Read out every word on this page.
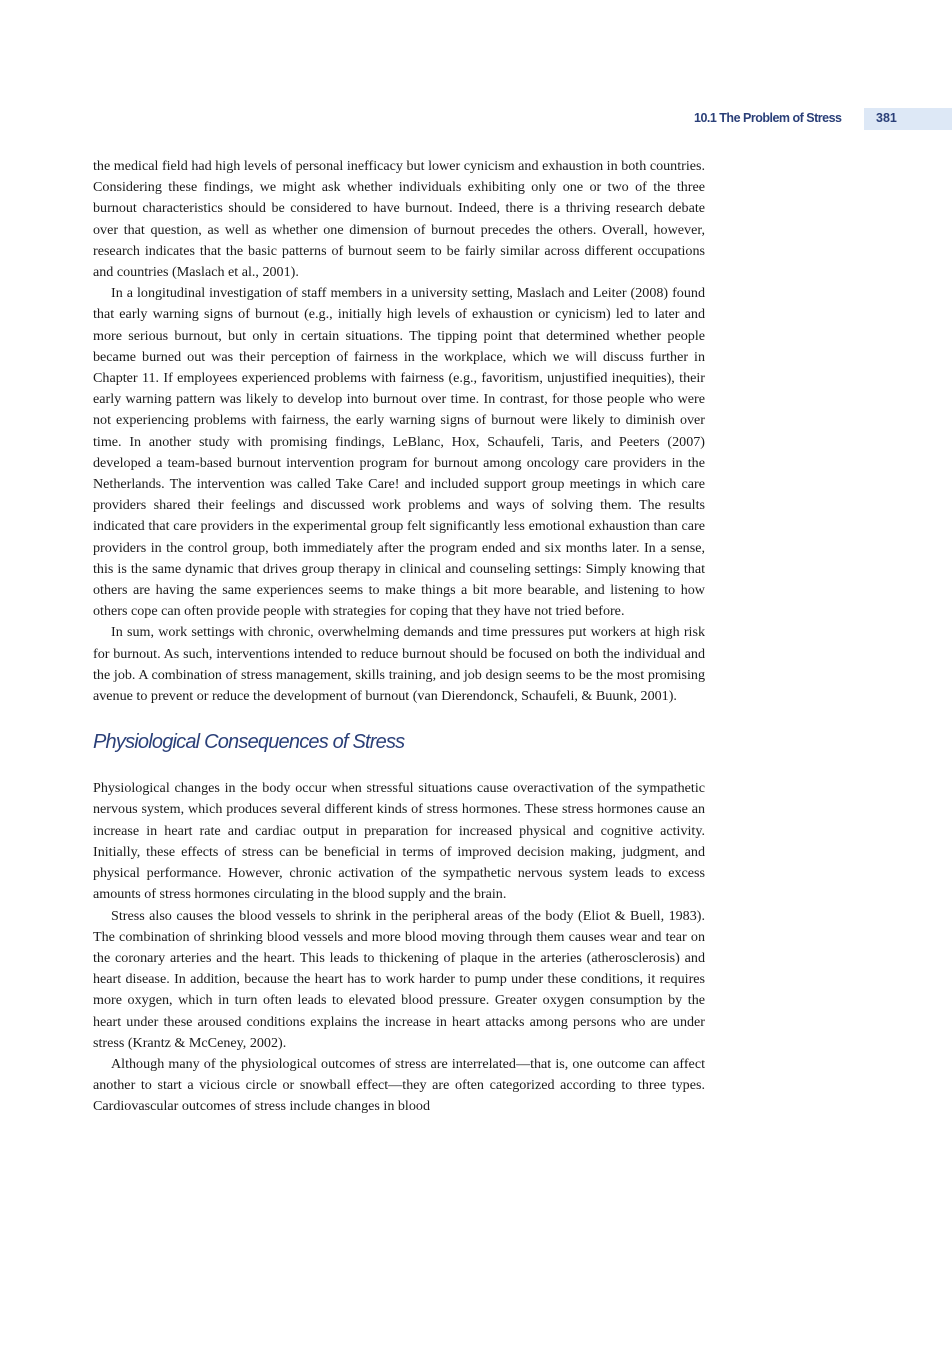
10.1 The Problem of Stress	381

the medical field had high levels of personal inefficacy but lower cynicism and exhaustion in both countries. Considering these findings, we might ask whether individuals exhibiting only one or two of the three burnout characteristics should be considered to have burnout. Indeed, there is a thriving research debate over that question, as well as whether one dimension of burnout precedes the others. Overall, however, research indicates that the basic patterns of burnout seem to be fairly similar across different occupations and countries (Maslach et al., 2001).

In a longitudinal investigation of staff members in a university setting, Maslach and Leiter (2008) found that early warning signs of burnout (e.g., initially high levels of exhaustion or cynicism) led to later and more serious burnout, but only in certain situations. The tipping point that determined whether people became burned out was their perception of fairness in the workplace, which we will discuss further in Chapter 11. If employees experienced problems with fairness (e.g., favoritism, unjustified inequities), their early warning pattern was likely to develop into burnout over time. In contrast, for those people who were not experiencing problems with fairness, the early warning signs of burnout were likely to diminish over time. In another study with promising findings, LeBlanc, Hox, Schaufeli, Taris, and Peeters (2007) developed a team-based burnout intervention program for burnout among oncology care providers in the Netherlands. The intervention was called Take Care! and included support group meetings in which care providers shared their feelings and discussed work problems and ways of solving them. The results indicated that care providers in the experimental group felt significantly less emotional exhaustion than care providers in the control group, both immediately after the program ended and six months later. In a sense, this is the same dynamic that drives group therapy in clinical and counseling settings: Simply knowing that others are having the same experiences seems to make things a bit more bearable, and listening to how others cope can often provide people with strategies for coping that they have not tried before.

In sum, work settings with chronic, overwhelming demands and time pressures put workers at high risk for burnout. As such, interventions intended to reduce burnout should be focused on both the individual and the job. A combination of stress management, skills training, and job design seems to be the most promising avenue to prevent or reduce the development of burnout (van Dierendonck, Schaufeli, & Buunk, 2001).

Physiological Consequences of Stress

Physiological changes in the body occur when stressful situations cause overactivation of the sympathetic nervous system, which produces several different kinds of stress hormones. These stress hormones cause an increase in heart rate and cardiac output in preparation for increased physical and cognitive activity. Initially, these effects of stress can be beneficial in terms of improved decision making, judgment, and physical performance. However, chronic activation of the sympathetic nervous system leads to excess amounts of stress hormones circulating in the blood supply and the brain.

Stress also causes the blood vessels to shrink in the peripheral areas of the body (Eliot & Buell, 1983). The combination of shrinking blood vessels and more blood moving through them causes wear and tear on the coronary arteries and the heart. This leads to thickening of plaque in the arteries (atherosclerosis) and heart disease. In addition, because the heart has to work harder to pump under these conditions, it requires more oxygen, which in turn often leads to elevated blood pressure. Greater oxygen consumption by the heart under these aroused conditions explains the increase in heart attacks among persons who are under stress (Krantz & McCeney, 2002).

Although many of the physiological outcomes of stress are interrelated—that is, one outcome can affect another to start a vicious circle or snowball effect—they are often categorized according to three types. Cardiovascular outcomes of stress include changes in blood
